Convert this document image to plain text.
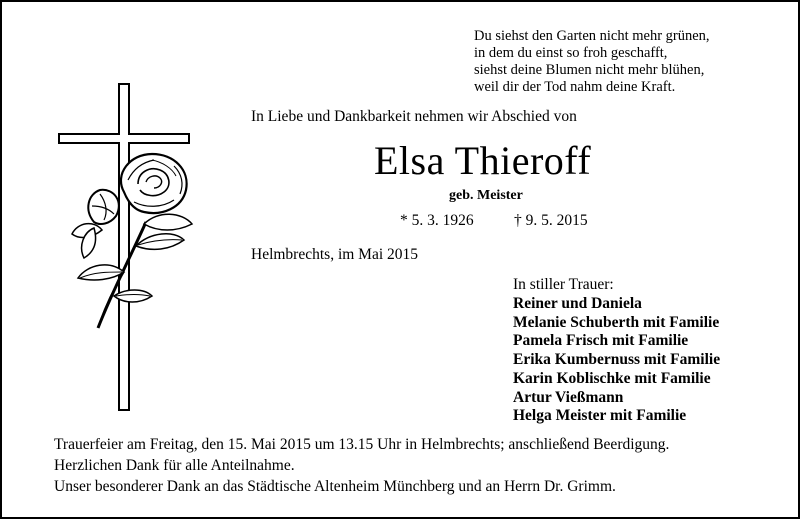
Du siehst den Garten nicht mehr grünen,
in dem du einst so froh geschafft,
siehst deine Blumen nicht mehr blühen,
weil dir der Tod nahm deine Kraft.
In Liebe und Dankbarkeit nehmen wir Abschied von
Elsa Thieroff
geb. Meister
* 5. 3. 1926	† 9. 5. 2015
Helmbrechts, im Mai 2015
In stiller Trauer:
Reiner und Daniela
Melanie Schuberth mit Familie
Pamela Frisch mit Familie
Erika Kumbernuss mit Familie
Karin Koblischke mit Familie
Artur Vießmann
Helga Meister mit Familie
Trauerfeier am Freitag, den 15. Mai 2015 um 13.15 Uhr in Helmbrechts; anschließend Beerdigung.
Herzlichen Dank für alle Anteilnahme.
Unser besonderer Dank an das Städtische Altenheim Münchberg und an Herrn Dr. Grimm.
